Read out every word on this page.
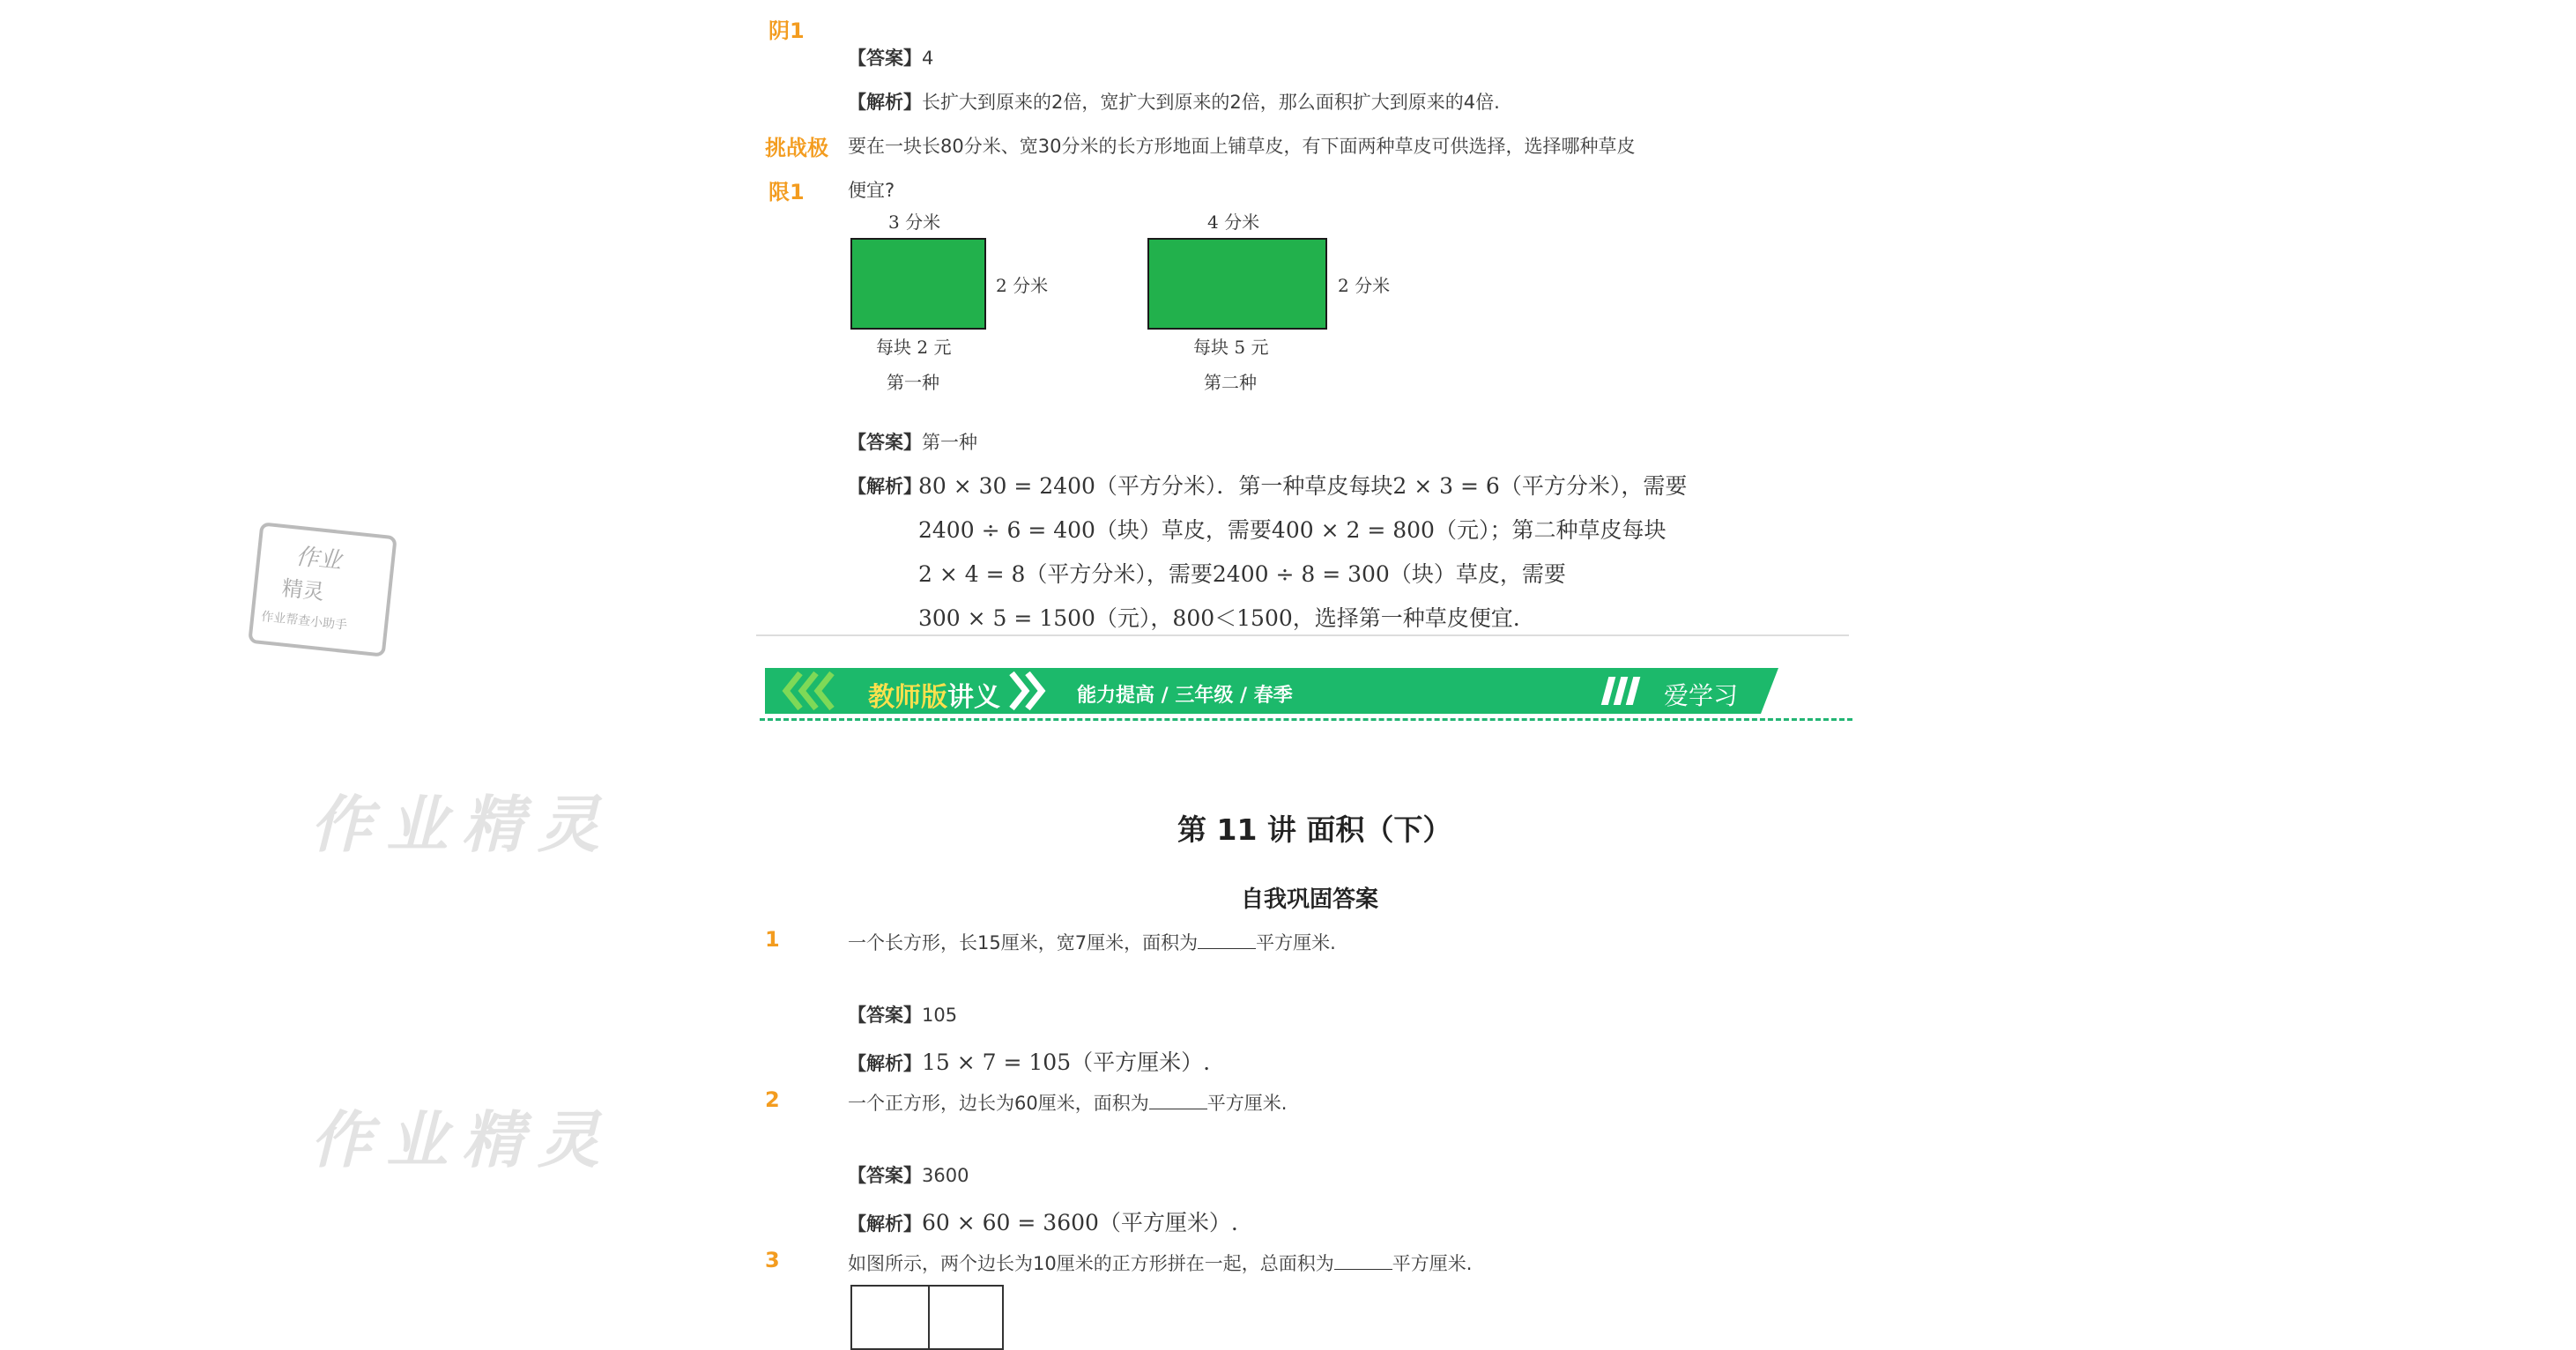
作业
精灵
作业帮查小助手
作业精灵
作业精灵
阴1
【答案】4
【解析】长扩大到原来的2倍，宽扩大到原来的2倍，那么面积扩大到原来的4倍.
挑战极
限1
要在一块长80分米、宽30分米的长方形地面上铺草皮，有下面两种草皮可供选择，选择哪种草皮
便宜?
3 分米
2 分米
每块 2 元
第一种
4 分米
2 分米
每块 5 元
第二种
【答案】第一种
【解析】
80 × 30 = 2400（平方分米）．第一种草皮每块2 × 3 = 6（平方分米），需要
2400 ÷ 6 = 400（块）草皮，需要400 × 2 = 800（元）；第二种草皮每块
2 × 4 = 8（平方分米），需要2400 ÷ 8 = 300（块）草皮，需要
300 × 5 = 1500（元），800＜1500，选择第一种草皮便宜.
教师版讲义	能力提高 / 三年级 / 春季	爱学习
第 11 讲 面积（下）
自我巩固答案
1	一个长方形，长15厘米，宽7厘米，面积为	平方厘米.
【答案】105
【解析】15 × 7 = 105（平方厘米）.
2	一个正方形，边长为60厘米，面积为	平方厘米.
【答案】3600
【解析】60 × 60 = 3600（平方厘米）.
3	如图所示，两个边长为10厘米的正方形拼在一起，总面积为	平方厘米.
